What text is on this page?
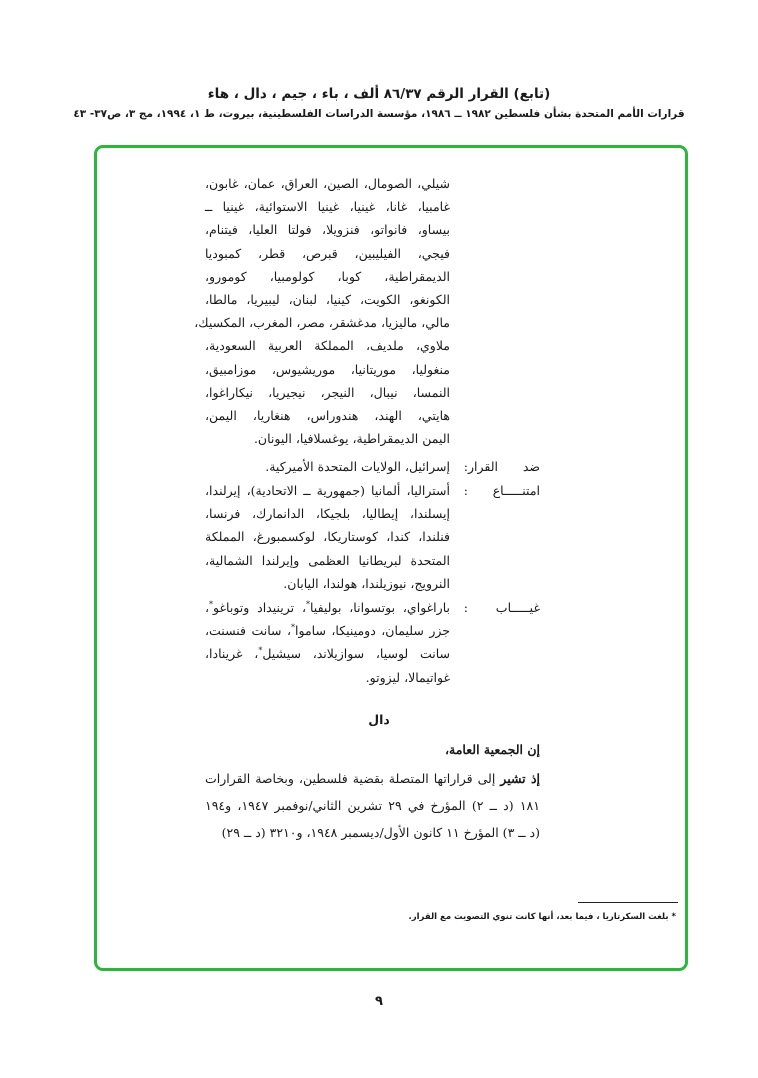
(تابع) القرار الرقم ٨٦/٣٧ ألف ، باء ، جيم ، دال ، هاء
قرارات الأمم المتحدة بشأن فلسطين ١٩٨٢ ــ ١٩٨٦، مؤسسة الدراسات الفلسطينية، بيروت، ط ١، ١٩٩٤، مج ٣، ص٣٧- ٤٣
شيلي، الصومال، الصين، العراق، عمان، غابون،
غامبيا، غانا، غينيا، غينيا الاستوائية، غينيا ــ
بيساو، فانواتو، فنزويلا، فولتا العليا، فيتنام،
فيجي، الفيليبين، قبرص، قطر، كمبوديا
الديمقراطية، كوبا، كولومبيا، كومورو،
الكونغو، الكويت، كينيا، لبنان، ليبيريا، مالطا،
مالي، ماليزيا، مدغشقر، مصر، المغرب، المكسيك،
ملاوي، ملديف، المملكة العربية السعودية،
منغوليا، موريتانيا، موريشيوس، موزامبيق،
النمسا، نيبال، النيجر، نيجيريا، نيكاراغوا،
هايتي، الهند، هندوراس، هنغاريا، اليمن،
اليمن الديمقراطية، يوغسلافيا، اليونان.
ضد القرار
:
إسرائيل، الولايات المتحدة الأميركية.
امتنـــــاع
:
أستراليا، ألمانيا (جمهورية ــ الاتحادية)، إيرلندا،
إيسلندا، إيطاليا، بلجيكا، الدانمارك، فرنسا،
فنلندا، كندا، كوستاريكا، لوكسمبورغ، المملكة
المتحدة لبريطانيا العظمى وإيرلندا الشمالية،
النرويج، نيوزيلندا، هولندا، اليابان.
غيـــــاب
:
باراغواي، بوتسوانا، بوليفيا*، ترينيداد وتوباغو*،
جزر سليمان، دومينيكا، ساموا*، سانت فنسنت،
سانت لوسيا، سوازيلاند، سيشيل*، غرينادا،
غواتيمالا، ليزوتو.
دال
إن الجمعية العامة،
إذ تشير إلى قراراتها المتصلة بقضية فلسطين، وبخاصة القرارات
١٨١ (د ــ ٢) المؤرخ في ٢٩ تشرين الثاني/نوفمبر ١٩٤٧، و١٩٤
(د ــ ٣) المؤرخ ١١ كانون الأول/ديسمبر ١٩٤٨، و٣٢١٠ (د ــ ٢٩)
* بلغت السكرتاريا ، فيما بعد، أنها كانت تنوي التصويت مع القرار.
٩
